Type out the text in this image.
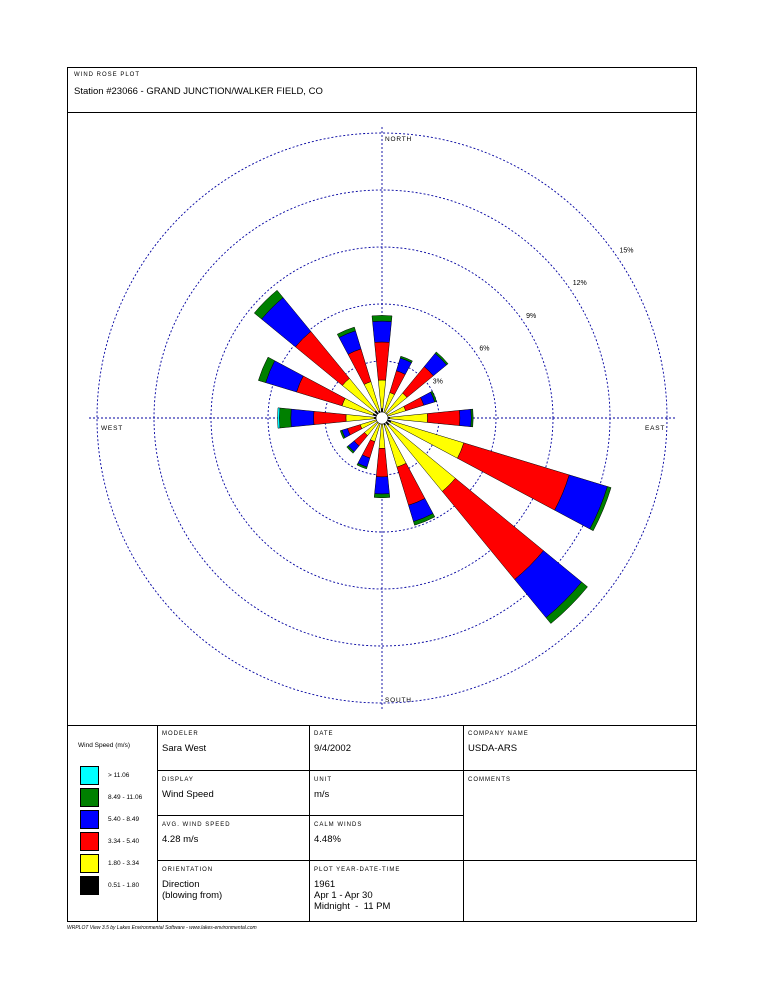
WIND ROSE PLOT
Station #23066 - GRAND JUNCTION/WALKER FIELD, CO
3%
6%
9%
12%
15%
NORTH
SOUTH
EAST
WEST
Wind Speed (m/s)
> 11.06
8.49 - 11.06
5.40 - 8.49
3.34 - 5.40
1.80 - 3.34
0.51 - 1.80
MODELER
Sara West
DATE
9/4/2002
COMPANY NAME
USDA-ARS
DISPLAY
Wind Speed
UNIT
m/s
COMMENTS
AVG. WIND SPEED
4.28 m/s
CALM WINDS
4.48%
ORIENTATION
Direction
(blowing from)
PLOT YEAR-DATE-TIME
1961
Apr 1 - Apr 30
Midnight  -  11 PM
WRPLOT View 3.5 by Lakes Environmental Software - www.lakes-environmental.com
